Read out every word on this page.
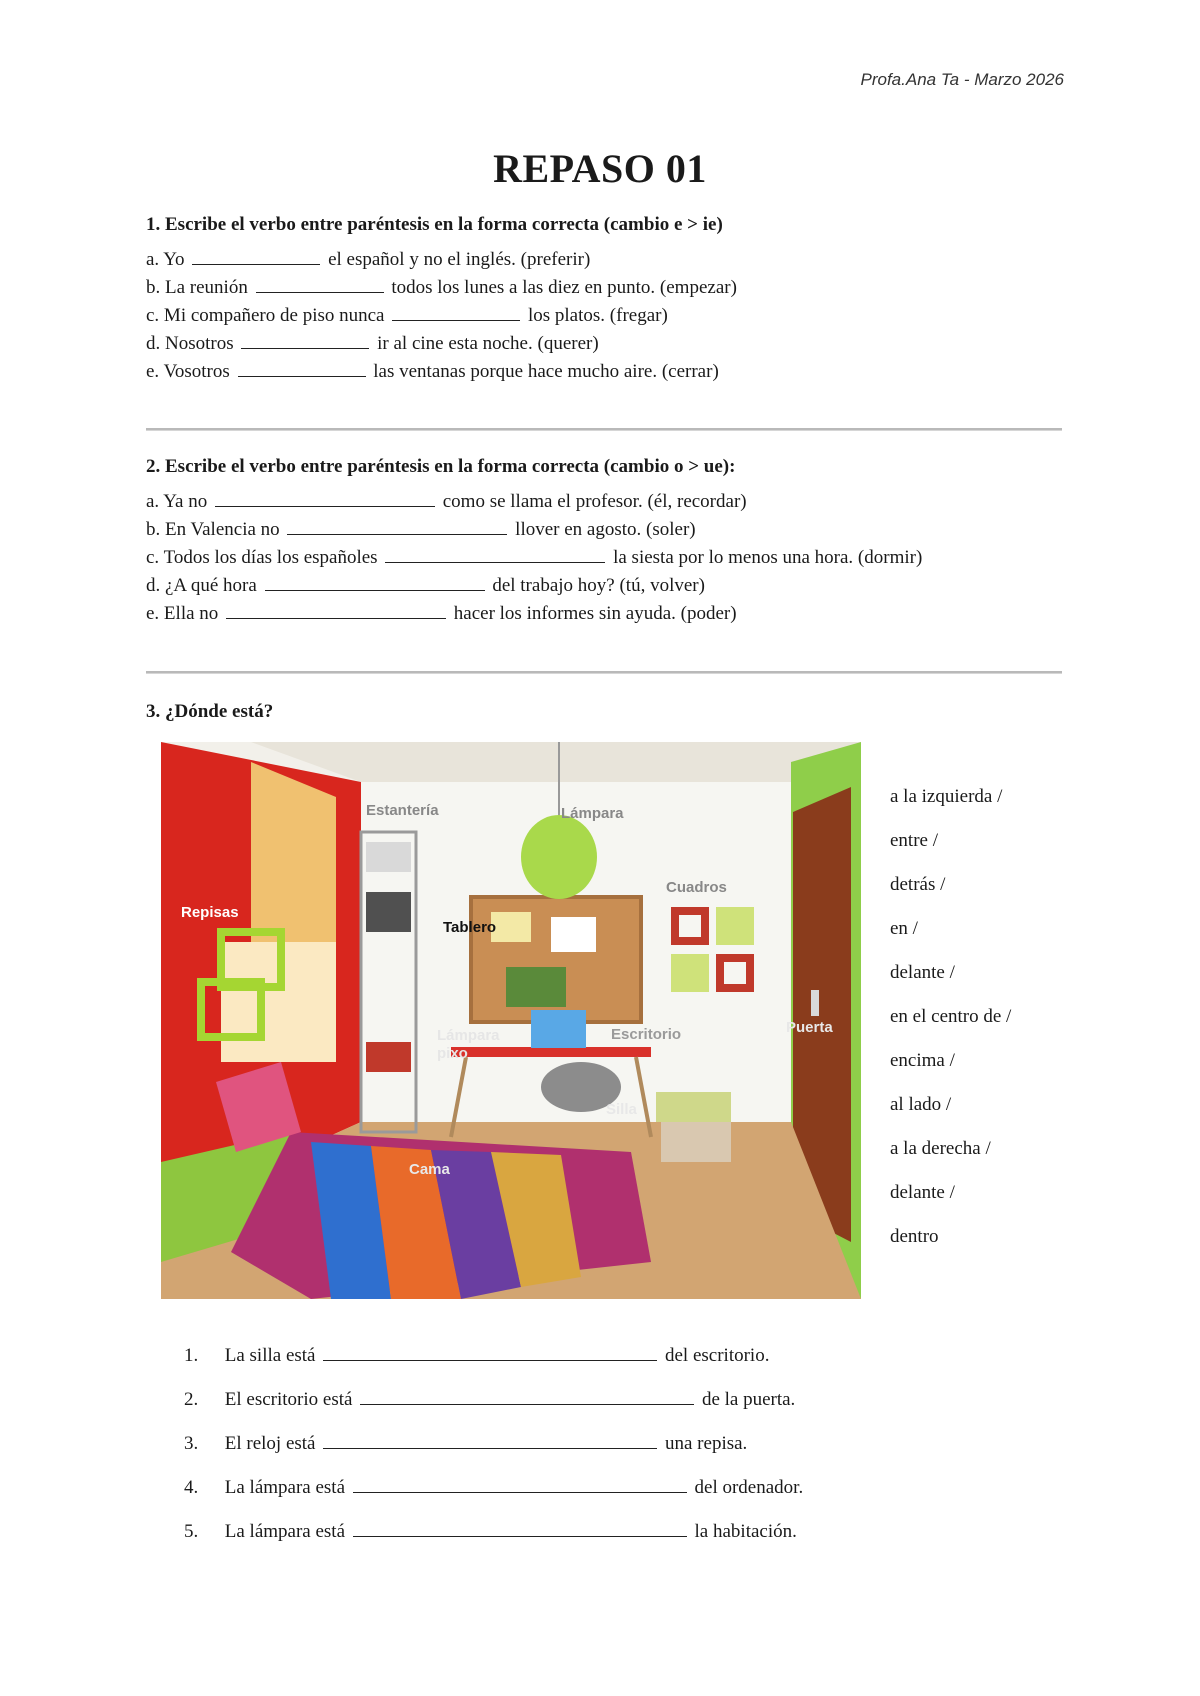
Profa.Ana Ta - Marzo 2026
REPASO 01
1. Escribe el verbo entre paréntesis en la forma correcta (cambio e > ie)
a. Yo	el español y no el inglés. (preferir)
b. La reunión	todos los lunes a las diez en punto. (empezar)
c. Mi compañero de piso nunca	los platos. (fregar)
d. Nosotros	ir al cine esta noche. (querer)
e. Vosotros	las ventanas porque hace mucho aire. (cerrar)
2. Escribe el verbo entre paréntesis en la forma correcta (cambio o > ue):
a. Ya no	como se llama el profesor. (él, recordar)
b. En Valencia no	llover en agosto. (soler)
c. Todos los días los españoles	la siesta por lo menos una hora. (dormir)
d. ¿A qué hora	del trabajo hoy? (tú, volver)
e. Ella no	hacer los informes sin ayuda. (poder)
3. ¿Dónde está?
Estantería	Lámpara
Repisas
Tablero
Cuadros
Lámpara
pixo
Escritorio	Puerta
Silla
Cama
a la izquierda /
entre /
detrás /
en /
delante /
en el centro de /
encima /
al lado /
a la derecha /
delante /
dentro
1. La silla está	del escritorio.
2. El escritorio está	de la puerta.
3. El reloj está	una repisa.
4. La lámpara está	del ordenador.
5. La lámpara está	la habitación.
